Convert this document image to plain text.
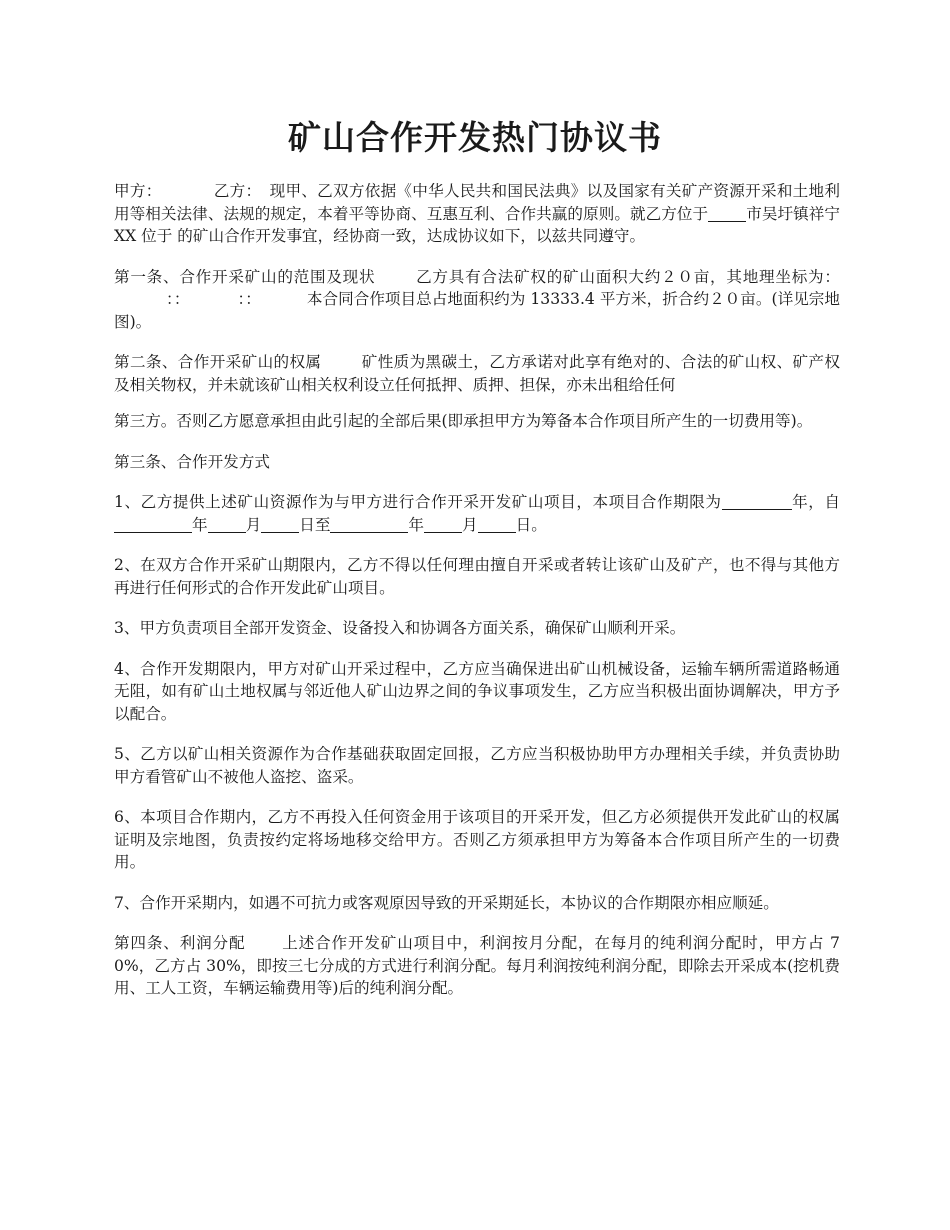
矿山合作开发热门协议书

甲方：	乙方： 现甲、乙双方依据《中华人民共和国民法典》以及国家有关矿产资源开采和土地利用等相关法律、法规的规定，本着平等协商、互惠互利、合作共赢的原则。就乙方位于 市吴圩镇祥宁 XX 位于 的矿山合作开发事宜，经协商一致，达成协议如下，以兹共同遵守。

第一条、合作开采矿山的范围及现状	乙方具有合法矿权的矿山面积大约２０亩，其地理坐标为：：：	：：	本合同合作项目总占地面积约为 13333.4 平方米，折合约２０亩。(详见宗地图)。

第二条、合作开采矿山的权属	矿性质为黑碳土，乙方承诺对此享有绝对的、合法的矿山权、矿产权及相关物权，并未就该矿山相关权利设立任何抵押、质押、担保，亦未出租给任何

第三方。否则乙方愿意承担由此引起的全部后果(即承担甲方为筹备本合作项目所产生的一切费用等)。

第三条、合作开发方式

1、乙方提供上述矿山资源作为与甲方进行合作开采开发矿山项目，本项目合作期限为	年，自年 月 日至	年 月 日。

2、在双方合作开采矿山期限内，乙方不得以任何理由擅自开采或者转让该矿山及矿产，也不得与其他方再进行任何形式的合作开发此矿山项目。

3、甲方负责项目全部开发资金、设备投入和协调各方面关系，确保矿山顺利开采。

4、合作开发期限内，甲方对矿山开采过程中，乙方应当确保进出矿山机械设备，运输车辆所需道路畅通无阻，如有矿山土地权属与邻近他人矿山边界之间的争议事项发生，乙方应当积极出面协调解决，甲方予以配合。

5、乙方以矿山相关资源作为合作基础获取固定回报，乙方应当积极协助甲方办理相关手续，并负责协助甲方看管矿山不被他人盗挖、盗采。

6、本项目合作期内，乙方不再投入任何资金用于该项目的开采开发，但乙方必须提供开发此矿山的权属证明及宗地图，负责按约定将场地移交给甲方。否则乙方须承担甲方为筹备本合作项目所产生的一切费用。

7、合作开采期内，如遇不可抗力或客观原因导致的开采期延长，本协议的合作期限亦相应顺延。

第四条、利润分配 上述合作开发矿山项目中，利润按月分配，在每月的纯利润分配时，甲方占 70%，乙方占 30%，即按三七分成的方式进行利润分配。每月利润按纯利润分配，即除去开采成本(挖机费用、工人工资，车辆运输费用等)后的纯利润分配。
